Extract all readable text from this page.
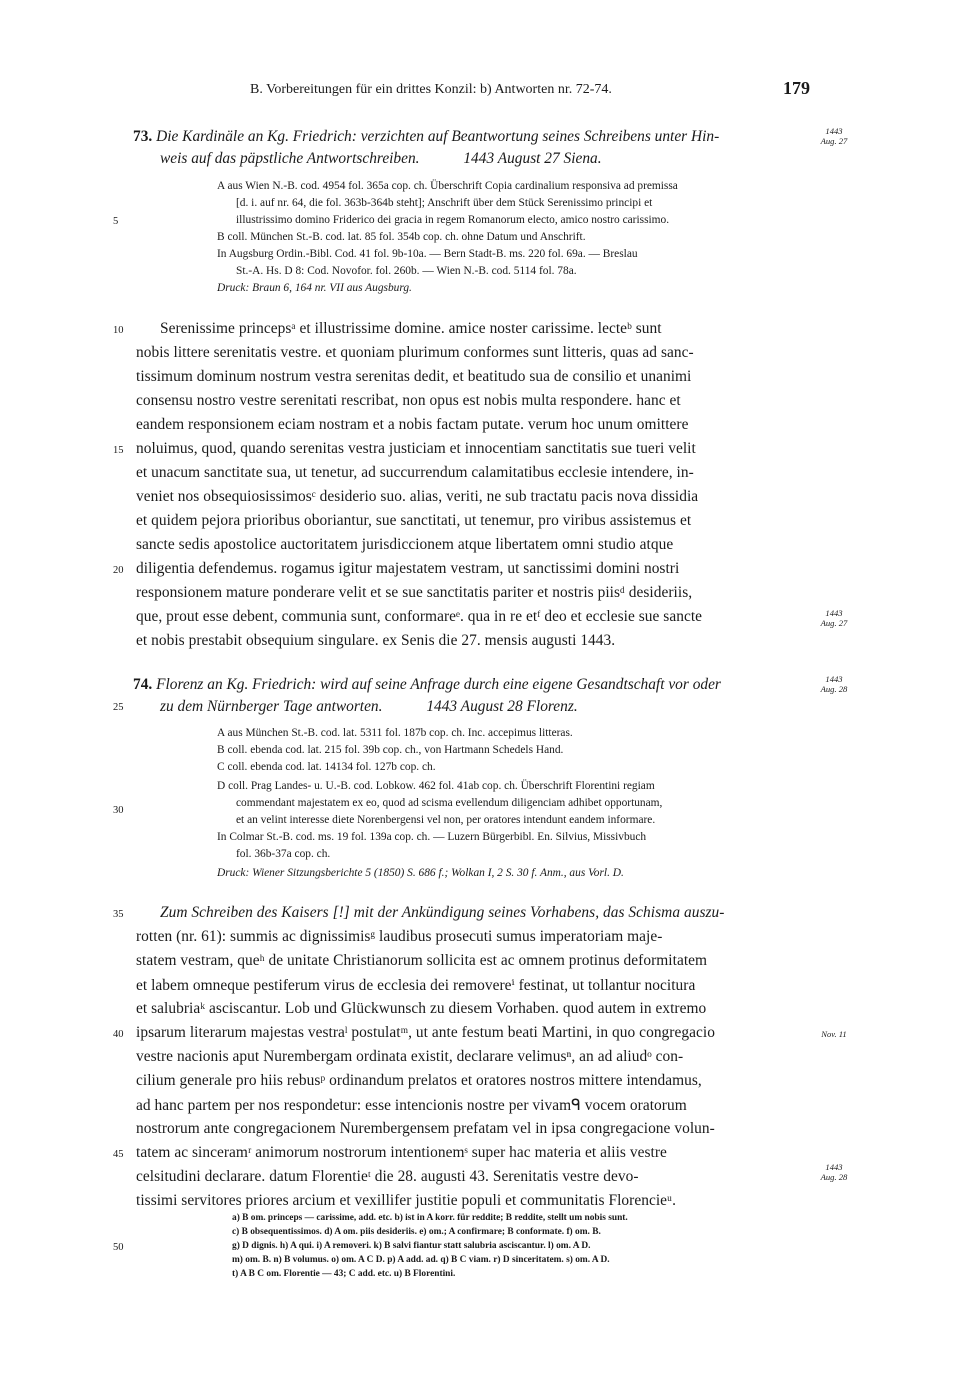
B. Vorbereitungen für ein drittes Konzil: b) Antworten nr. 72-74.	179
73. Die Kardinäle an Kg. Friedrich: verzichten auf Beantwortung seines Schreibens unter Hin-
weis auf das päpstliche Antwortschreiben.	1443 August 27 Siena.
1443
Aug. 27
A aus Wien N.-B. cod. 4954 fol. 365a cop. ch. Überschrift Copia cardinalium responsiva ad premissa
[d. i. auf nr. 64, die fol. 363b-364b steht]; Anschrift über dem Stück Serenissimo principi et
illustrissimo domino Friderico dei gracia in regem Romanorum electo, amico nostro carissimo.
B coll. München St.-B. cod. lat. 85 fol. 354b cop. ch. ohne Datum und Anschrift.
In Augsburg Ordin.-Bibl. Cod. 41 fol. 9b-10a. — Bern Stadt-B. ms. 220 fol. 69a. — Breslau
St.-A. Hs. D 8: Cod. Novofor. fol. 260b. — Wien N.-B. cod. 5114 fol. 78a.
Druck: Braun 6, 164 nr. VII aus Augsburg.
5
Serenissime princepsᵃ et illustrissime domine. amice noster carissime. lecteᵇ sunt
nobis littere serenitatis vestre. et quoniam plurimum conformes sunt litteris, quas ad sanc-
tissimum dominum nostrum vestra serenitas dedit, et beatitudo sua de consilio et unanimi
consensu nostro vestre serenitati rescribat, non opus est nobis multa respondere. hanc et
eandem responsionem eciam nostram et a nobis factam putate. verum hoc unum omittere
noluimus, quod, quando serenitas vestra justiciam et innocentiam sanctitatis sue tueri velit
et unacum sanctitate sua, ut tenetur, ad succurrendum calamitatibus ecclesie intendere, in-
veniet nos obsequiosissimosᶜ desiderio suo. alias, veriti, ne sub tractatu pacis nova dissidia
et quidem pejora prioribus oboriantur, sue sanctitati, ut tenemur, pro viribus assistemus et
sancte sedis apostolice auctoritatem jurisdiccionem atque libertatem omni studio atque
diligentia defendemus. rogamus igitur majestatem vestram, ut sanctissimi domini nostri
responsionem mature ponderare velit et se sue sanctitatis pariter et nostris piisᵈ desideriis,
que, prout esse debent, communia sunt, conformareᵉ. qua in re etᶠ deo et ecclesie sue sancte
et nobis prestabit obsequium singulare. ex Senis die 27. mensis augusti 1443.
10
15
20
1443
Aug. 27
74. Florenz an Kg. Friedrich: wird auf seine Anfrage durch eine eigene Gesandtschaft vor oder
zu dem Nürnberger Tage antworten.	1443 August 28 Florenz.
25
1443
Aug. 28
A aus München St.-B. cod. lat. 5311 fol. 187b cop. ch. Inc. accepimus litteras.
B coll. ebenda cod. lat. 215 fol. 39b cop. ch., von Hartmann Schedels Hand.
C coll. ebenda cod. lat. 14134 fol. 127b cop. ch.
D coll. Prag Landes- u. U.-B. cod. Lobkow. 462 fol. 41ab cop. ch. Überschrift Florentini regiam
commendant majestatem ex eo, quod ad scisma evellendum diligenciam adhibet opportunam,
et an velint interesse diete Norenbergensi vel non, per oratores intendunt eandem informare.
In Colmar St.-B. cod. ms. 19 fol. 139a cop. ch. — Luzern Bürgerbibl. En. Silvius, Missivbuch
fol. 36b-37a cop. ch.
Druck: Wiener Sitzungsberichte 5 (1850) S. 686 f.; Wolkan I, 2 S. 30 f. Anm., aus Vorl. D.
30
Zum Schreiben des Kaisers [!] mit der Ankündigung seines Vorhabens, das Schisma auszu-
rotten (nr. 61): summis ac dignissimisᵍ laudibus prosecuti sumus imperatoriam maje-
statem vestram, queʰ de unitate Christianorum sollicita est ac omnem protinus deformitatem
et labem omneque pestiferum virus de ecclesia dei removereⁱ festinat, ut tollantur nocitura
et salubriaᵏ asciscantur. Lob und Glückwunsch zu diesem Vorhaben. quod autem in extremo
ipsarum literarum majestas vestraˡ postulatᵐ, ut ante festum beati Martini, in quo congregacio
vestre nacionis aput Nurembergam ordinata existit, declarare velimusⁿ, an ad aliudᵒ con-
cilium generale pro hiis rebusᵖ ordinandum prelatos et oratores nostros mittere intendamus,
ad hanc partem per nos respondetur: esse intencionis nostre per vivamᑫ vocem oratorum
nostrorum ante congregacionem Nurembergensem prefatam vel in ipsa congregacione volun-
tatem ac sinceramʳ animorum nostrorum intentionemˢ super hac materia et aliis vestre
celsitudini declarare. datum Florentieᵗ die 28. augusti 43. Serenitatis vestre devo-
tissimi servitores priores arcium et vexillifer justitie populi et communitatis Florencieᵘ.
35
40
45
Nov. 11
1443
Aug. 28
a) B om. princeps — carissime, add. etc. b) ist in A korr. für reddite; B reddite, stellt um nobis sunt.
c) B obsequentissimos. d) A om. piis desideriis. e) om.; A confirmare; B conformate. f) om. B.
g) D dignis. h) A qui. i) A removeri. k) B salvi fiantur statt salubria asciscantur. l) om. A D.
m) om. B. n) B volumus. o) om. A C D. p) A add. ad. q) B C viam. r) D sinceritatem. s) om. A D.
t) A B C om. Florentie — 43; C add. etc. u) B Florentini.
50
